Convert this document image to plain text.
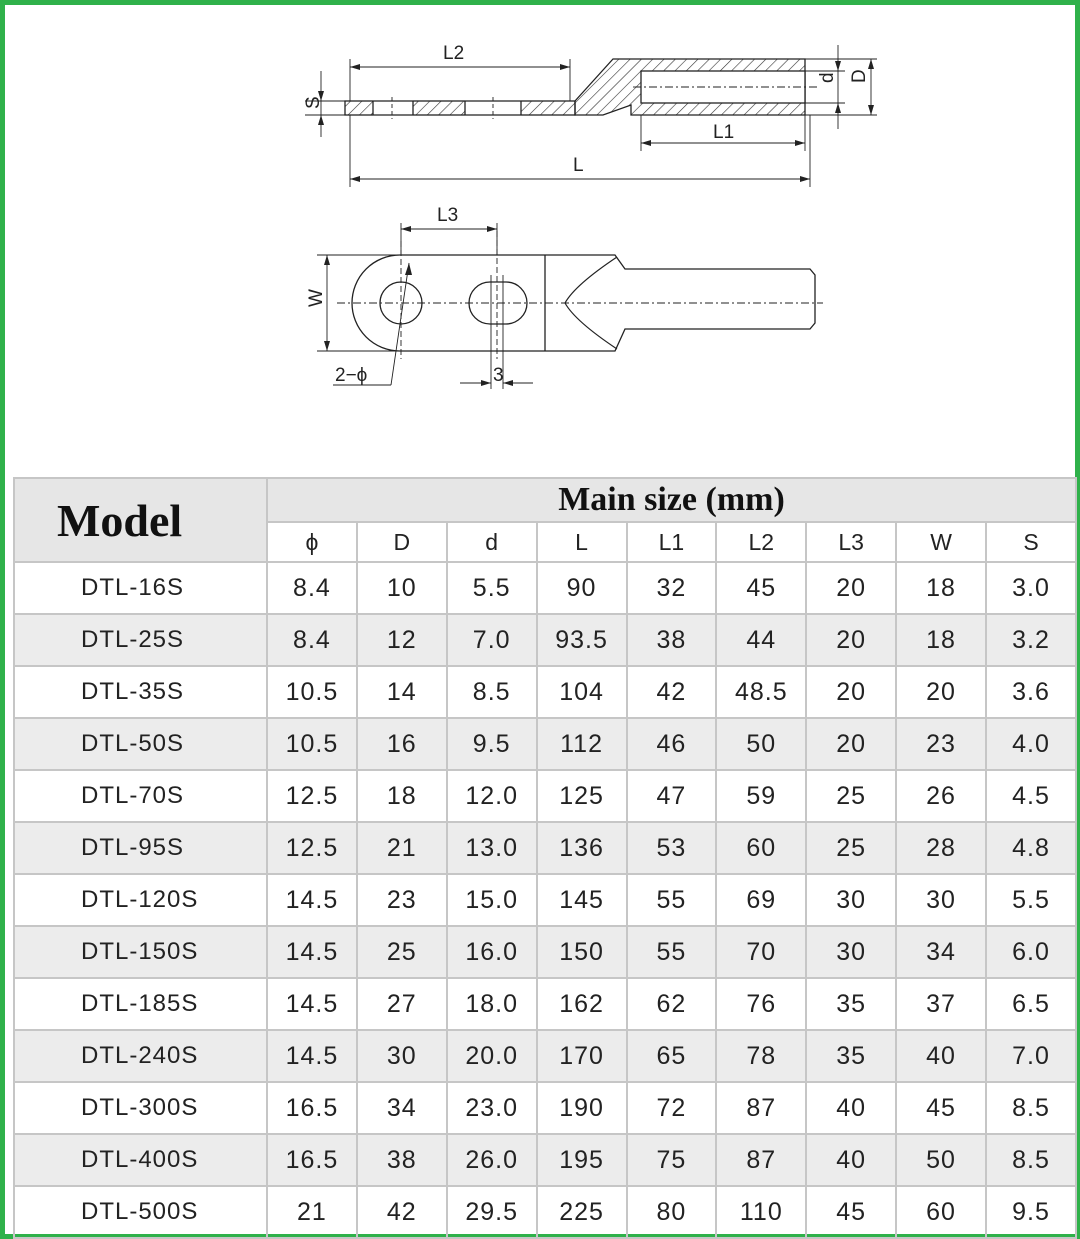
L2
S
d D
L1
L
L3
W
2−ϕ	3
Model	Main size (mm)								
	ϕ	D	d	L	L1	L2	L3	W	S
DTL-16S	8.4	10	5.5	90	32	45	20	18	3.0
DTL-25S	8.4	12	7.0	93.5	38	44	20	18	3.2
DTL-35S	10.5	14	8.5	104	42	48.5	20	20	3.6
DTL-50S	10.5	16	9.5	112	46	50	20	23	4.0
DTL-70S	12.5	18	12.0	125	47	59	25	26	4.5
DTL-95S	12.5	21	13.0	136	53	60	25	28	4.8
DTL-120S	14.5	23	15.0	145	55	69	30	30	5.5
DTL-150S	14.5	25	16.0	150	55	70	30	34	6.0
DTL-185S	14.5	27	18.0	162	62	76	35	37	6.5
DTL-240S	14.5	30	20.0	170	65	78	35	40	7.0
DTL-300S	16.5	34	23.0	190	72	87	40	45	8.5
DTL-400S	16.5	38	26.0	195	75	87	40	50	8.5
DTL-500S	21	42	29.5	225	80	110	45	60	9.5
